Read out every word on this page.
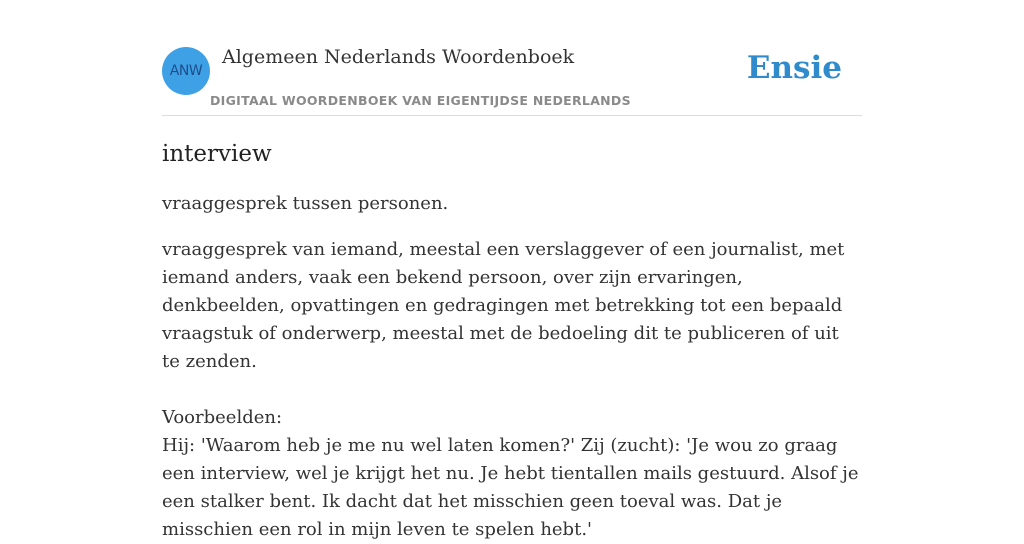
ANW
Algemeen Nederlands Woordenboek
DIGITAAL WOORDENBOEK VAN EIGENTIJDSE NEDERLANDS
Ensie
interview

vraaggesprek tussen personen.

vraaggesprek van iemand, meestal een verslaggever of een journalist, met iemand anders, vaak een bekend persoon, over zijn ervaringen, denkbeelden, opvattingen en gedragingen met betrekking tot een bepaald vraagstuk of onderwerp, meestal met de bedoeling dit te publiceren of uit te zenden.

Voorbeelden:

Hij: 'Waarom heb je me nu wel laten komen?' Zij (zucht): 'Je wou zo graag een interview, wel je krijgt het nu. Je hebt tientallen mails gestuurd. Alsof je een stalker bent. Ik dacht dat het misschien geen toeval was. Dat je misschien een rol in mijn leven te spelen hebt.'
